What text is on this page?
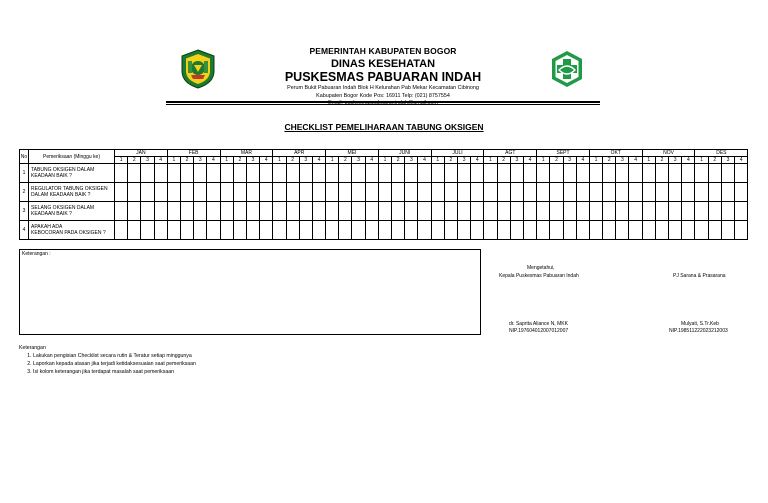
PEMERINTAH KABUPATEN BOGOR
DINAS KESEHATAN
PUSKESMAS PABUARAN INDAH
Perum Bukit Pabuaran Indah Blok H Kelurahan Pab Mekar Kecamatan Cibinong
Kabupaten Bogor Kode Pos: 16911 Telp: (021) 8757554
CHECKLIST PEMELIHARAAN TABUNG OKSIGEN
No	Pemeriksaan (Minggu ke)	JAN				FEB				MAR				APR				MEI				JUNI				JULI				AGT				SEPT				OKT				NOV				DES			
		1	2	3	4	1	2	3	4	1	2	3	4	1	2	3	4	1	2	3	4	1	2	3	4	1	2	3	4	1	2	3	4	1	2	3	4	1	2	3	4	1	2	3	4	1	2	3	4
1	TABUNG OKSIGEN DALAM
KEADAAN BAIK ?																																																

2	REGULATOR TABUNG OKSIGEN
DALAM KEADAAN BAIK ?																																																

3	SELANG OKSIGEN DALAM
KEADAAN BAIK ?																																																

4	APAKAH ADA
KEBOCORAN PADA OKSIGEN ?																																																

Keterangan :
Mengetahui,
Kepala Puskesmas Pabuaran Indah	PJ Sarana & Prasarana
dr. Saprita Aliance N, MKK
NIP.197604012007012007
Mulyati, S.Tr.Keb
NIP.198511222023212003
Keterangan
1. Lakukan pengisian Checklist secara rutin & Teratur setiap minggunya
2. Laporkan kepada atasan jika terjadi ketidaksesuaian saat pemeriksaan
3. Isi kolom keterangan jika terdapat masalah saat pemeriksaan
